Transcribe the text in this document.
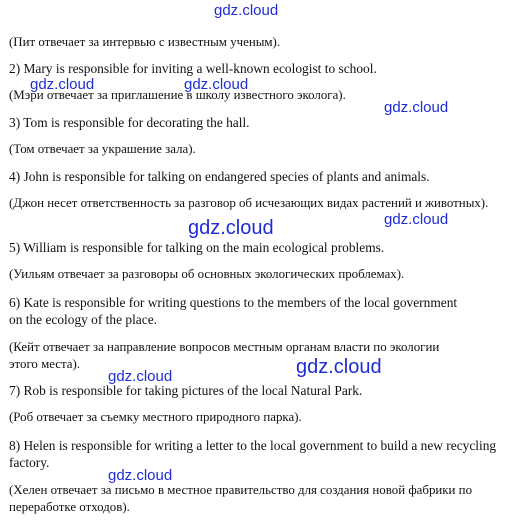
(Пит отвечает за интервью с известным ученым).
2) Mary is responsible for inviting a well-known ecologist to school.
(Мэри отвечает за приглашение в школу известного эколога).
3) Tom is responsible for decorating the hall.
(Том отвечает за украшение зала).
4) John is responsible for talking on endangered species of plants and animals.
(Джон несет ответственность за разговор об исчезающих видах растений и животных).
5) William is responsible for talking on the main ecological problems.
(Уильям отвечает за разговоры об основных экологических проблемах).
6) Kate is responsible for writing questions to the members of the local government on the ecology of the place.
(Кейт отвечает за направление вопросов местным органам власти по экологии этого места).
7) Rob is responsible for taking pictures of the local Natural Park.
(Роб отвечает за съемку местного природного парка).
8) Helen is responsible for writing a letter to the local government to build a new recycling factory.
(Хелен отвечает за письмо в местное правительство для создания новой фабрики по переработке отходов).
gdz.cloud
gdz.cloud	gdz.cloud
gdz.cloud
gdz.cloud	gdz.cloud
gdz.cloud
gdz.cloud
gdz.cloud
